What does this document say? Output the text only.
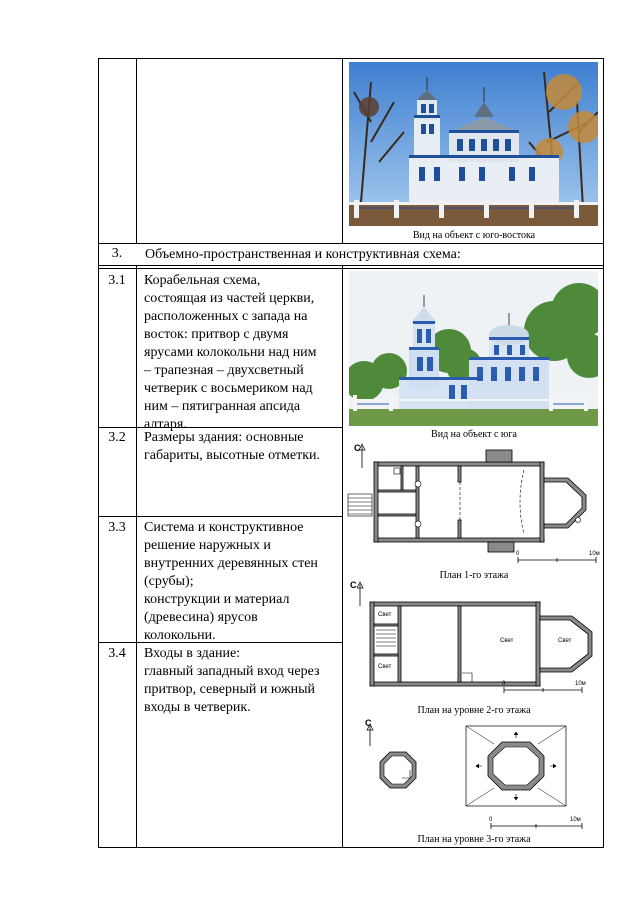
3.	Объемно-пространственная и конструктивная схема:
3.1	Корабельная схема,
состоящая из частей церкви,
расположенных с запада на
восток: притвор с двумя
ярусами колокольни над ним
– трапезная – двухсветный
четверик с восьмериком над
ним – пятигранная апсида
алтаря.
3.2	Размеры здания: основные
габариты, высотные отметки.
3.3	Система и конструктивное
решение наружных и
внутренних деревянных стен
(срубы);
конструкции и материал
(древесина) ярусов
колокольни.
3.4	Входы в здание:
главный западный вход через
притвор, северный и южный
входы в четверик.
Вид на объект с юго-востока
Вид на объект с юга
С
0	10м
План 1-го этажа
С
Свет
Свет
Свет	Свет
0	10м
План на уровне 2-го этажа
С
0	10м
План на уровне 3-го этажа
